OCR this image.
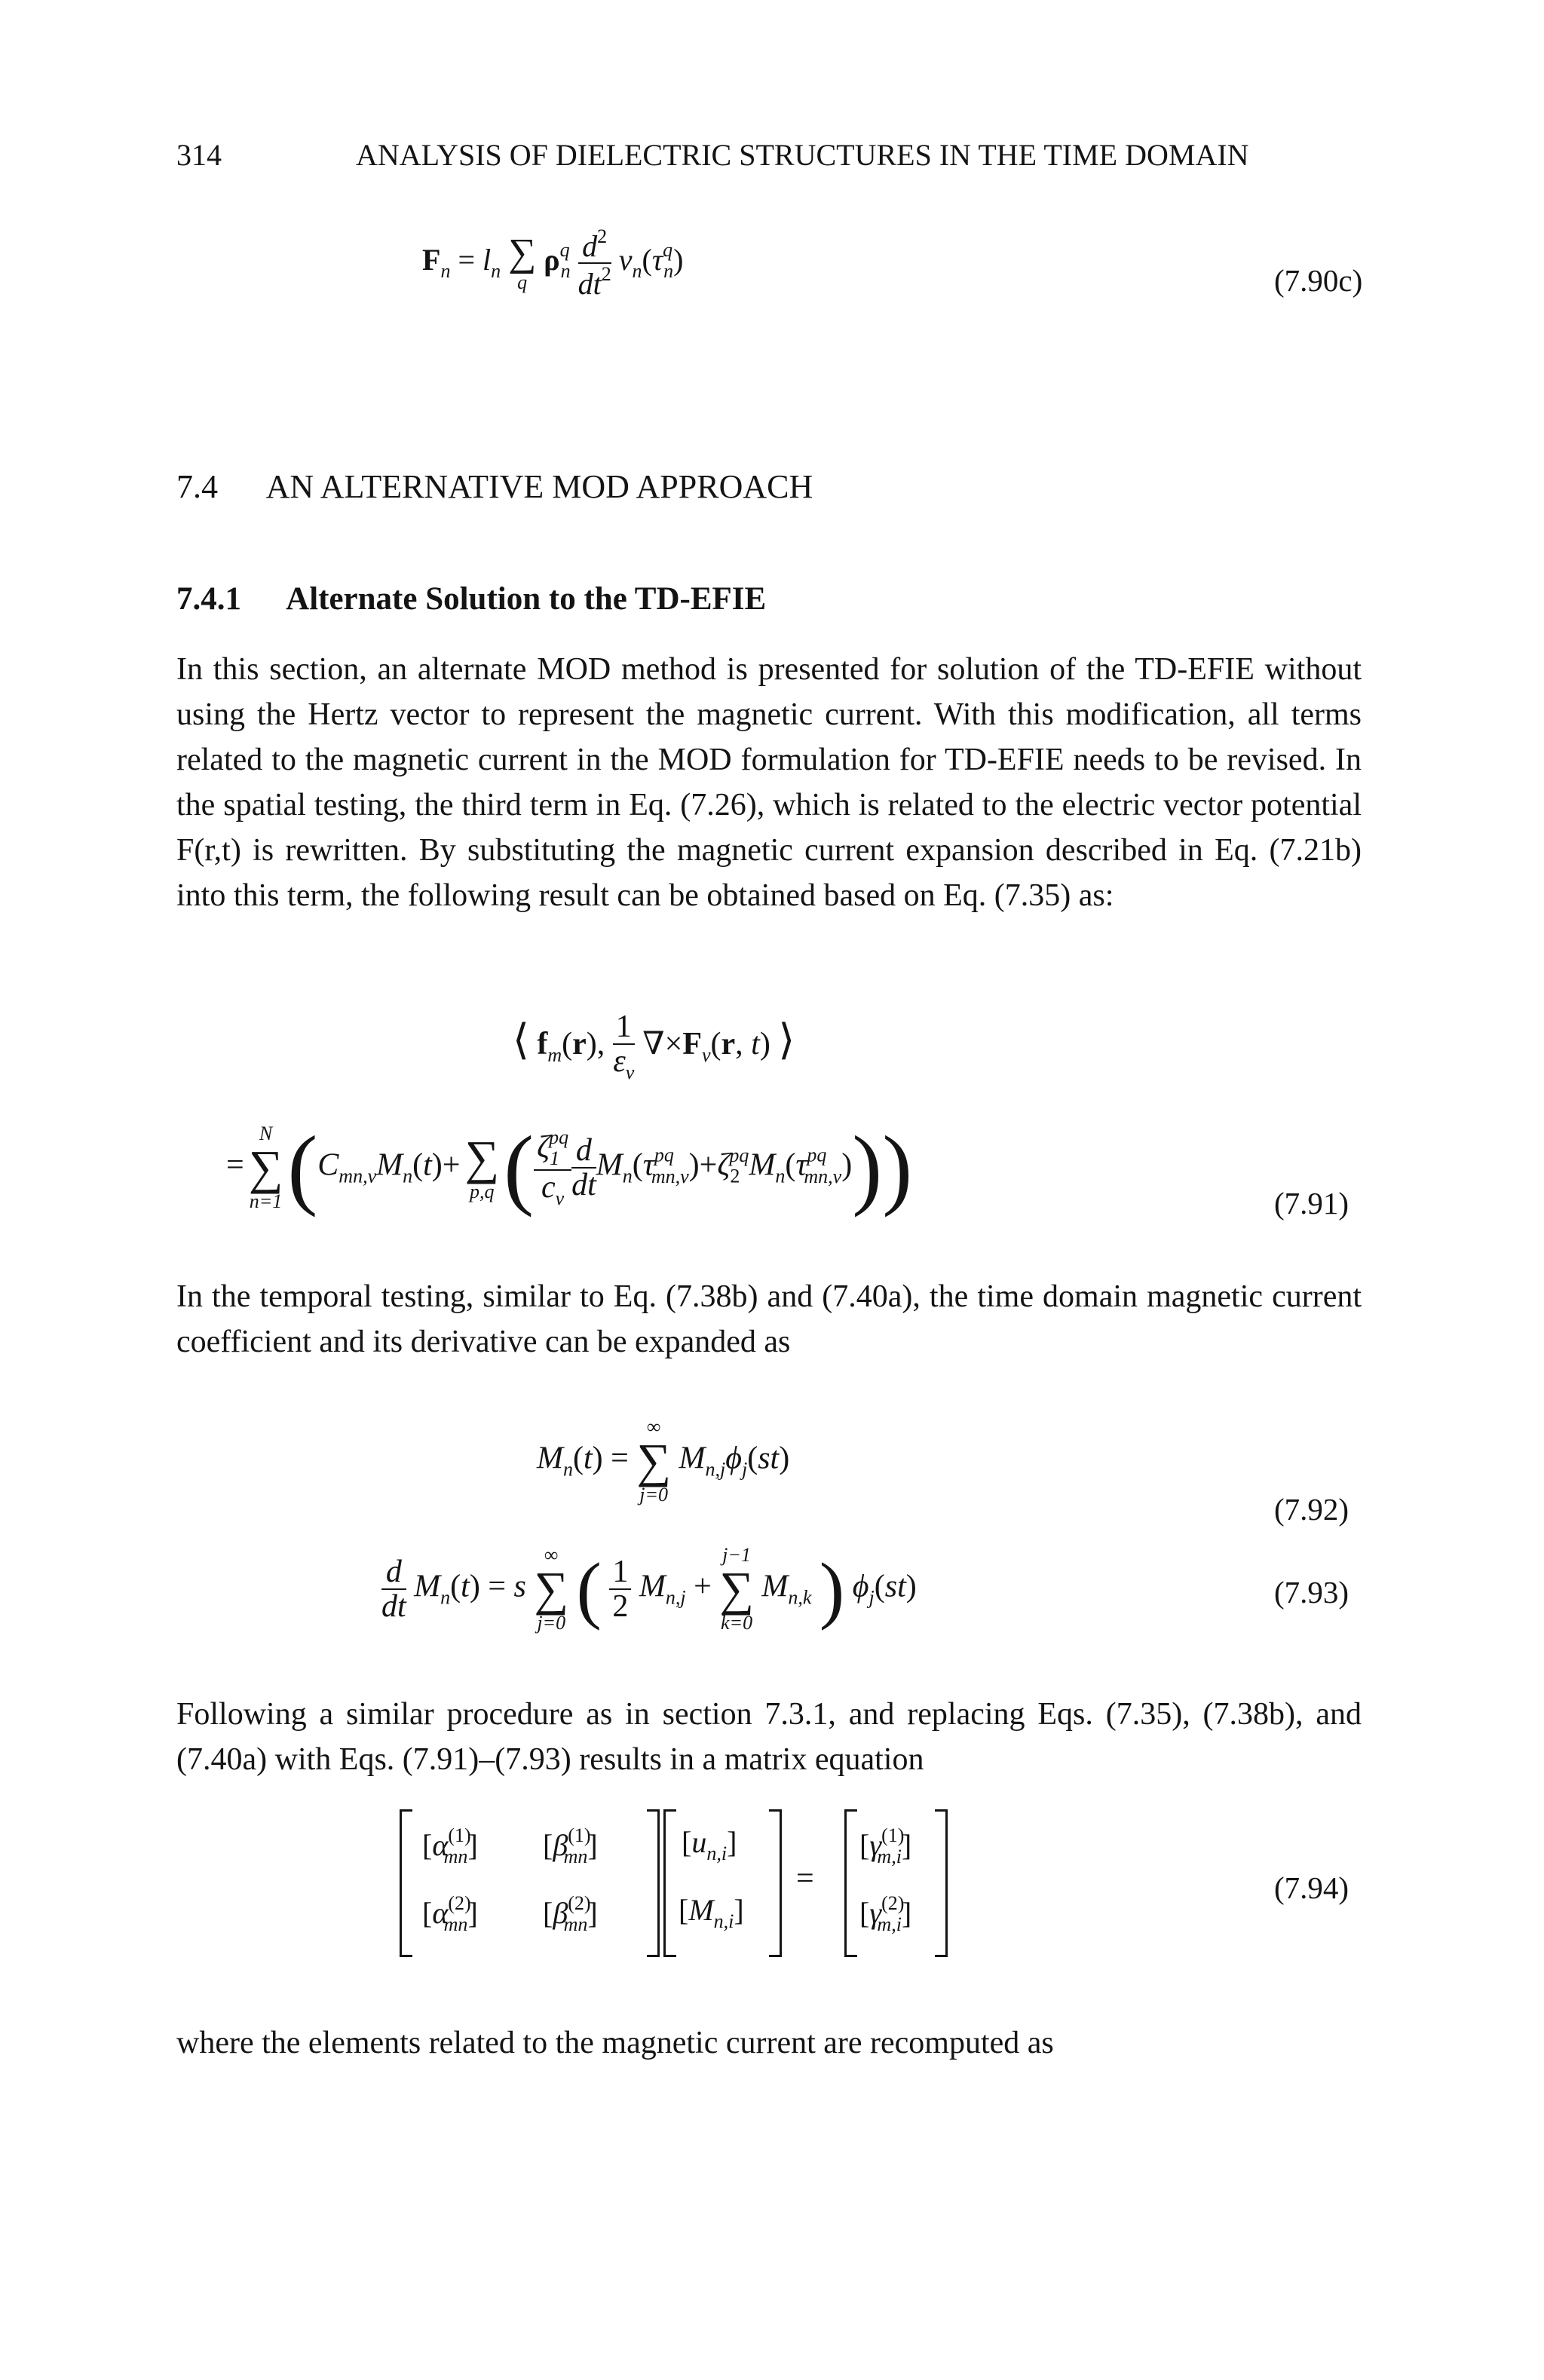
314	ANALYSIS OF DIELECTRIC STRUCTURES IN THE TIME DOMAIN
$F_n = l_n$ ∑
q
$\rho^q_n \frac{d^2}{dt^2} v_n(\tau^q_n)$
(7.90c)
7.4 AN ALTERNATIVE MOD APPROACH
7.4.1 Alternate Solution to the TD-EFIE
In this section, an alternate MOD method is presented for solution of the TD-EFIE without using the Hertz vector to represent the magnetic current. With this modification, all terms related to the magnetic current in the MOD formulation for TD-EFIE needs to be revised. In the spatial testing, the third term in Eq. (7.26), which is related to the electric vector potential F(r,t) is rewritten. By substituting the magnetic current expansion described in Eq. (7.21b) into this term, the following result can be obtained based on Eq. (7.35) as:
⟨ $f_m(r)$, $\frac{1}{\varepsilon_v} \nabla\times F_v(r$, t) ⟩
=
N
∑
n=1 ($C_{mn,v}M_n(t)+$ ∑
p,q ( $\frac{\zeta_1^{pq}}{c_v} \frac{d}{dt} M_n(\tau^{pq}_{mn,v})+\zeta_2^{pq}M_n(\tau^{pq}_{mn,v})$))	(7.91)
In the temporal testing, similar to Eq. (7.38b) and (7.40a), the time domain magnetic current coefficient and its derivative can be expanded as
$M_n(t)$ =
∞
∑
j=0
$M_{n,j}\phi_j(st)$
(7.92)
$\frac{d}{dt} M_n(t) = s$
∞
∑
j=0 ( $\frac{1}{2} M_{n,j}$ +
j−1
∑
k=0
$M_{n,k}$ ) $\phi_j(st)$	(7.93)
Following a similar procedure as in section 7.3.1, and replacing Eqs. (7.35), (7.38b), and (7.40a) with Eqs. (7.91)–(7.93) results in a matrix equation
$[\alpha^{(1)}_{mn}]$ $[\beta^{(1)}_{mn}]$
$[\alpha^{(2)}_{mn}]$ $[\beta^{(2)}_{mn}]$
$[u_{n,i}]$
$[M_{n,i}]$
=
$[\gamma^{(1)}_{m,i}]$
$[\gamma^{(2)}_{m,i}]$
(7.94)
where the elements related to the magnetic current are recomputed as
